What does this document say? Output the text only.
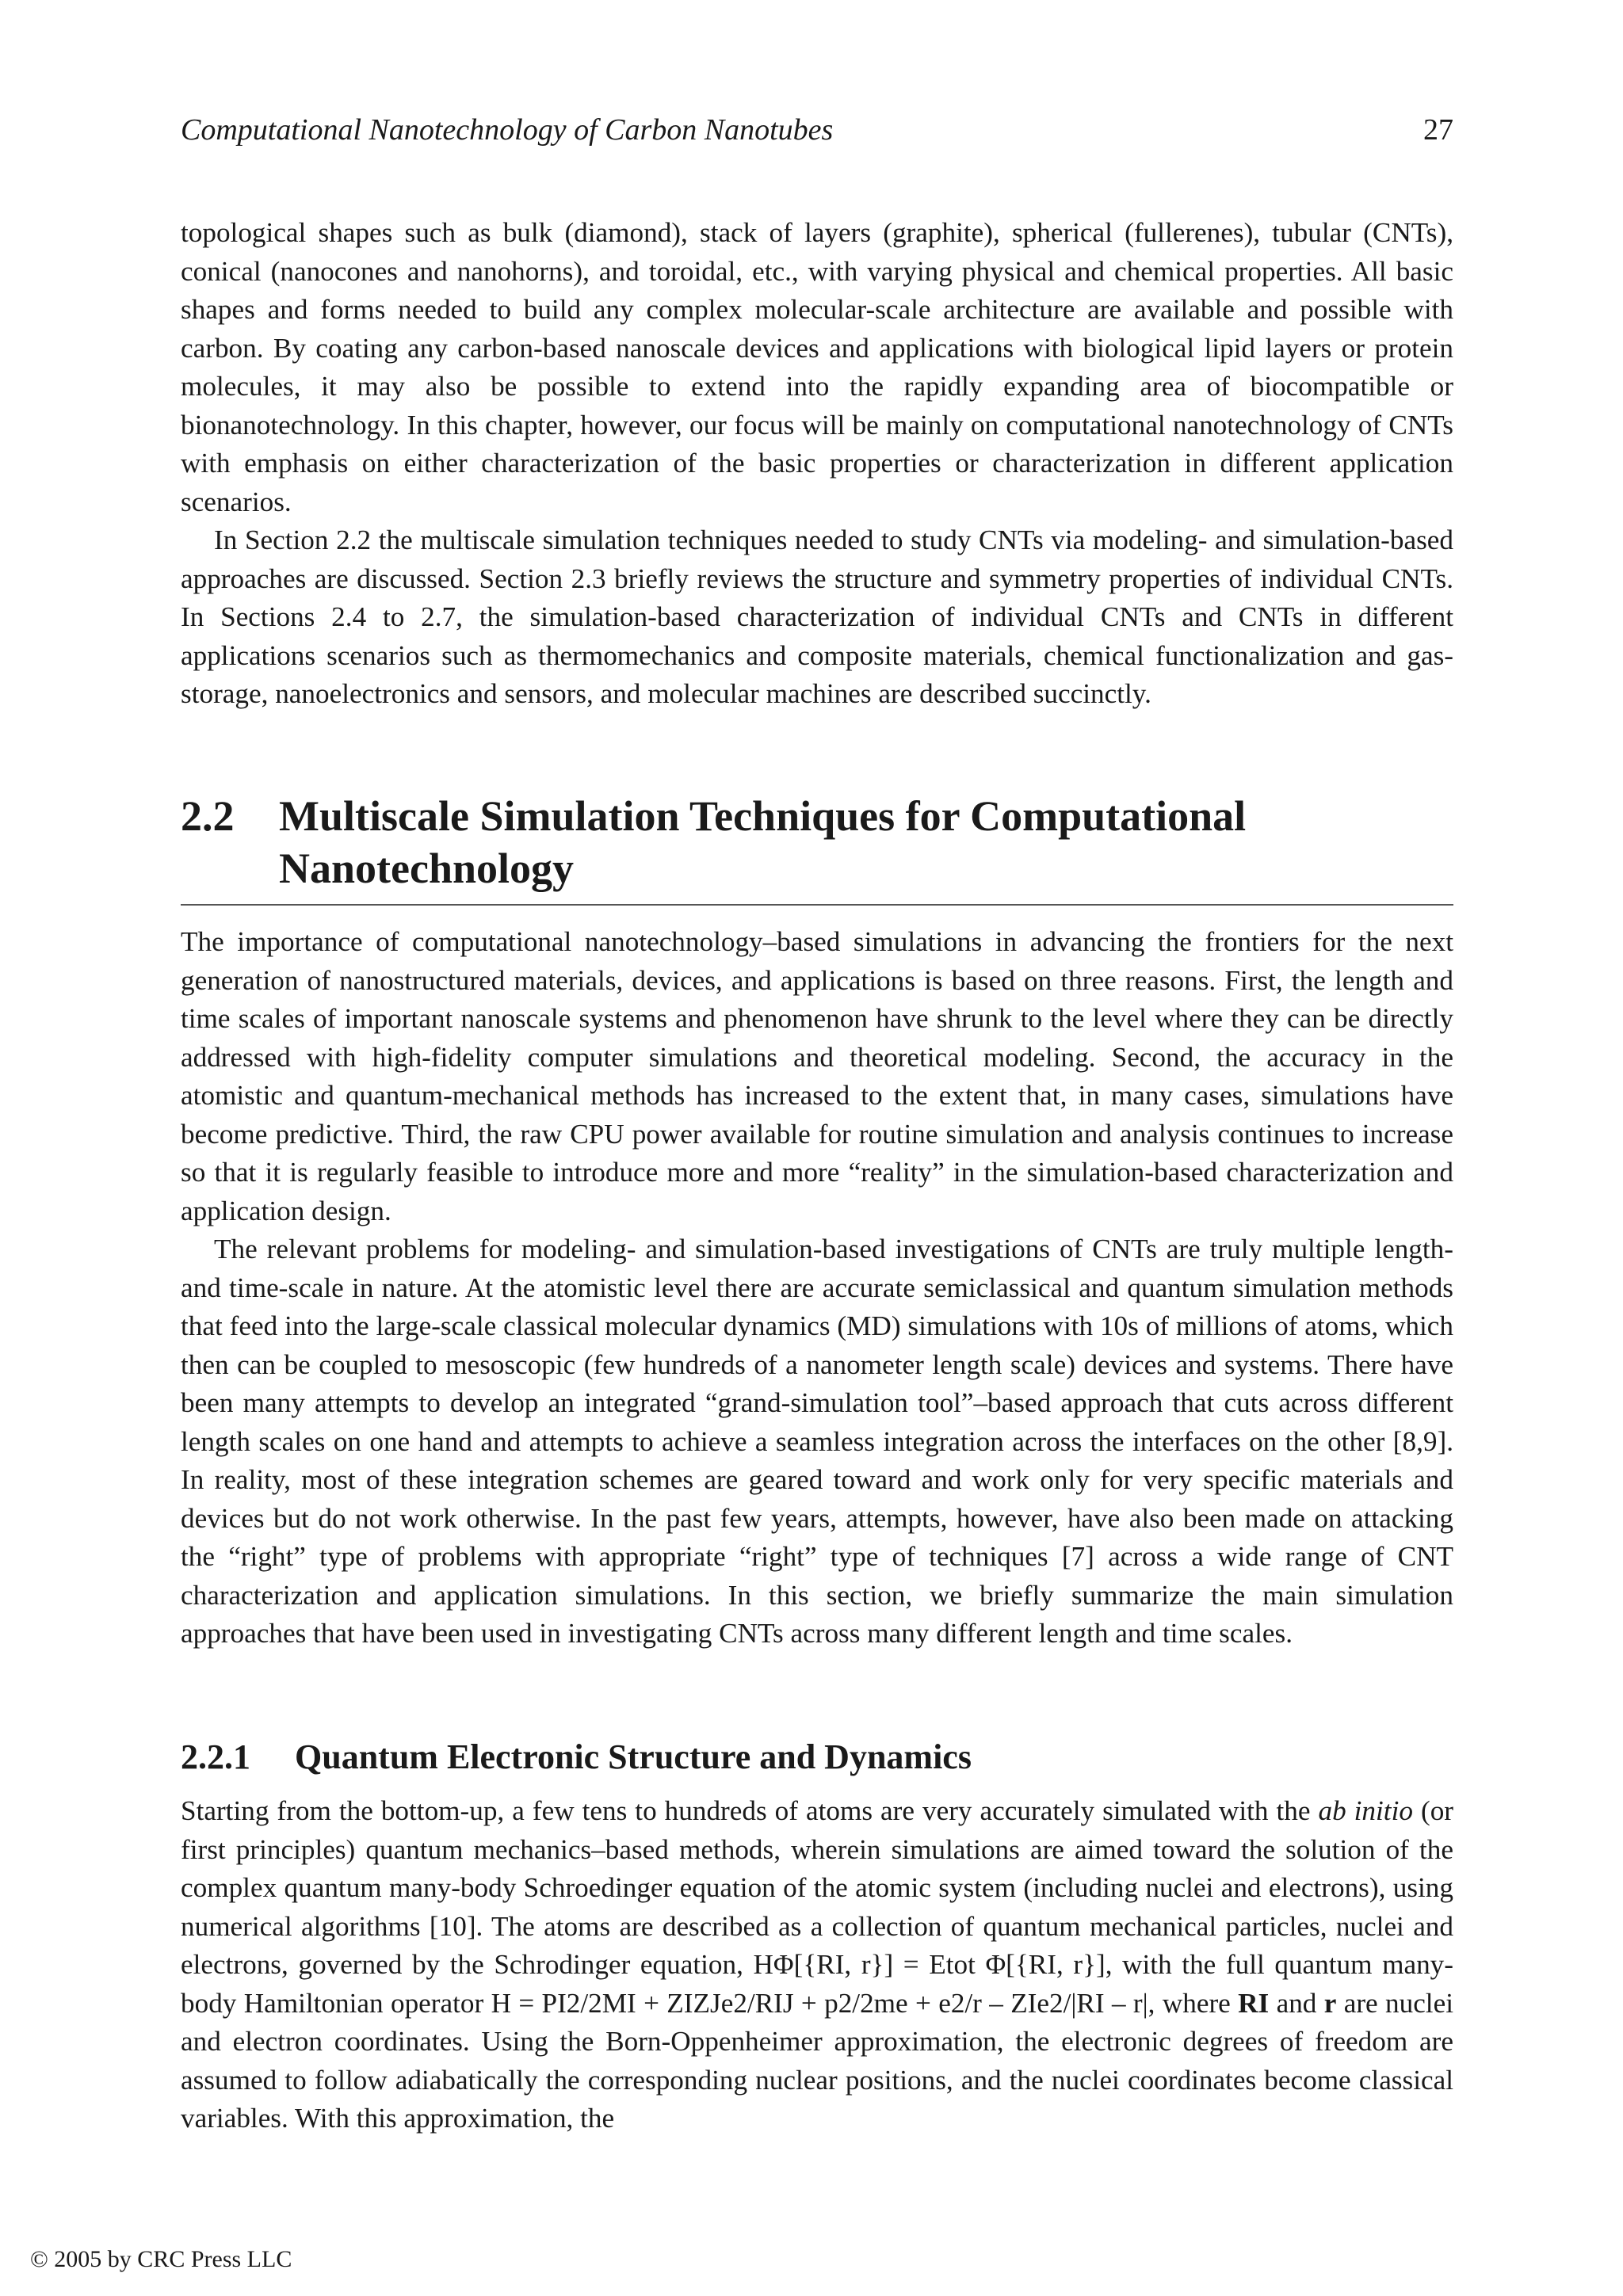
Computational Nanotechnology of Carbon Nanotubes	27

topological shapes such as bulk (diamond), stack of layers (graphite), spherical (fullerenes), tubular (CNTs), conical (nanocones and nanohorns), and toroidal, etc., with varying physical and chemical properties. All basic shapes and forms needed to build any complex molecular-scale architecture are available and possible with carbon. By coating any carbon-based nanoscale devices and applications with biological lipid layers or protein molecules, it may also be possible to extend into the rapidly expanding area of biocompatible or bionanotechnology. In this chapter, however, our focus will be mainly on computational nanotechnology of CNTs with emphasis on either characterization of the basic properties or characterization in different application scenarios.

In Section 2.2 the multiscale simulation techniques needed to study CNTs via modeling- and simulation-based approaches are discussed. Section 2.3 briefly reviews the structure and symmetry properties of individual CNTs. In Sections 2.4 to 2.7, the simulation-based characterization of individual CNTs and CNTs in different applications scenarios such as thermomechanics and composite materials, chemical functionalization and gas-storage, nanoelectronics and sensors, and molecular machines are described succinctly.

2.2	Multiscale Simulation Techniques for Computational Nanotechnology

The importance of computational nanotechnology–based simulations in advancing the frontiers for the next generation of nanostructured materials, devices, and applications is based on three reasons. First, the length and time scales of important nanoscale systems and phenomenon have shrunk to the level where they can be directly addressed with high-fidelity computer simulations and theoretical modeling. Second, the accuracy in the atomistic and quantum-mechanical methods has increased to the extent that, in many cases, simulations have become predictive. Third, the raw CPU power available for routine simulation and analysis continues to increase so that it is regularly feasible to introduce more and more “reality” in the simulation-based characterization and application design.

The relevant problems for modeling- and simulation-based investigations of CNTs are truly multiple length- and time-scale in nature. At the atomistic level there are accurate semiclassical and quantum simulation methods that feed into the large-scale classical molecular dynamics (MD) simulations with 10s of millions of atoms, which then can be coupled to mesoscopic (few hundreds of a nanometer length scale) devices and systems. There have been many attempts to develop an integrated “grand-simulation tool”–based approach that cuts across different length scales on one hand and attempts to achieve a seamless integration across the interfaces on the other [8,9]. In reality, most of these integration schemes are geared toward and work only for very specific materials and devices but do not work otherwise. In the past few years, attempts, however, have also been made on attacking the “right” type of problems with appropriate “right” type of techniques [7] across a wide range of CNT characterization and application simulations. In this section, we briefly summarize the main simulation approaches that have been used in investigating CNTs across many different length and time scales.

2.2.1	Quantum Electronic Structure and Dynamics

Starting from the bottom-up, a few tens to hundreds of atoms are very accurately simulated with the ab initio (or first principles) quantum mechanics–based methods, wherein simulations are aimed toward the solution of the complex quantum many-body Schroedinger equation of the atomic system (including nuclei and electrons), using numerical algorithms [10]. The atoms are described as a collection of quantum mechanical particles, nuclei and electrons, governed by the Schrodinger equation, HΦ[{RI, r}] = Etot Φ[{RI, r}], with the full quantum many-body Hamiltonian operator H = PI2/2MI + ZIZJe2/RIJ + p2/2me + e2/r – ZIe2/|RI – r|, where RI and r are nuclei and electron coordinates. Using the Born-Oppenheimer approximation, the electronic degrees of freedom are assumed to follow adiabatically the corresponding nuclear positions, and the nuclei coordinates become classical variables. With this approximation, the

© 2005 by CRC Press LLC
